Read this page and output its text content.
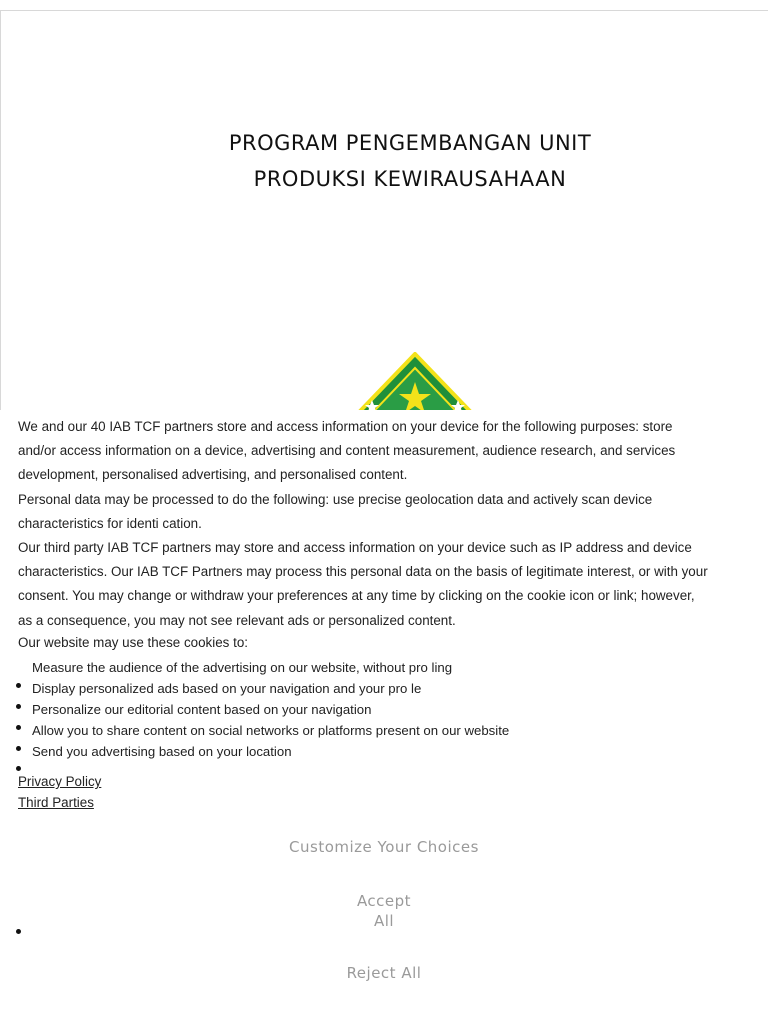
PROGRAM PENGEMBANGAN UNIT
PRODUKSI KEWIRAUSAHAAN

We and our 40 IAB TCF partners store and access information on your device for the following purposes: store and/or access information on a device, advertising and content measurement, audience research, and services development, personalised advertising, and personalised content.

Personal data may be processed to do the following: use precise geolocation data and actively scan device characteristics for identi cation.

Our third party IAB TCF partners may store and access information on your device such as IP address and device characteristics. Our IAB TCF Partners may process this personal data on the basis of legitimate interest, or with your consent. You may change or withdraw your preferences at any time by clicking on the cookie icon or link; however, as a consequence, you may not see relevant ads or personalized content.

Our website may use these cookies to:

Measure the audience of the advertising on our website, without pro ling
Display personalized ads based on your navigation and your pro le
Personalize our editorial content based on your navigation
Allow you to share content on social networks or platforms present on our website
Send you advertising based on your location
Privacy Policy
Third Parties
Customize Your Choices
Accept
All
Reject All
